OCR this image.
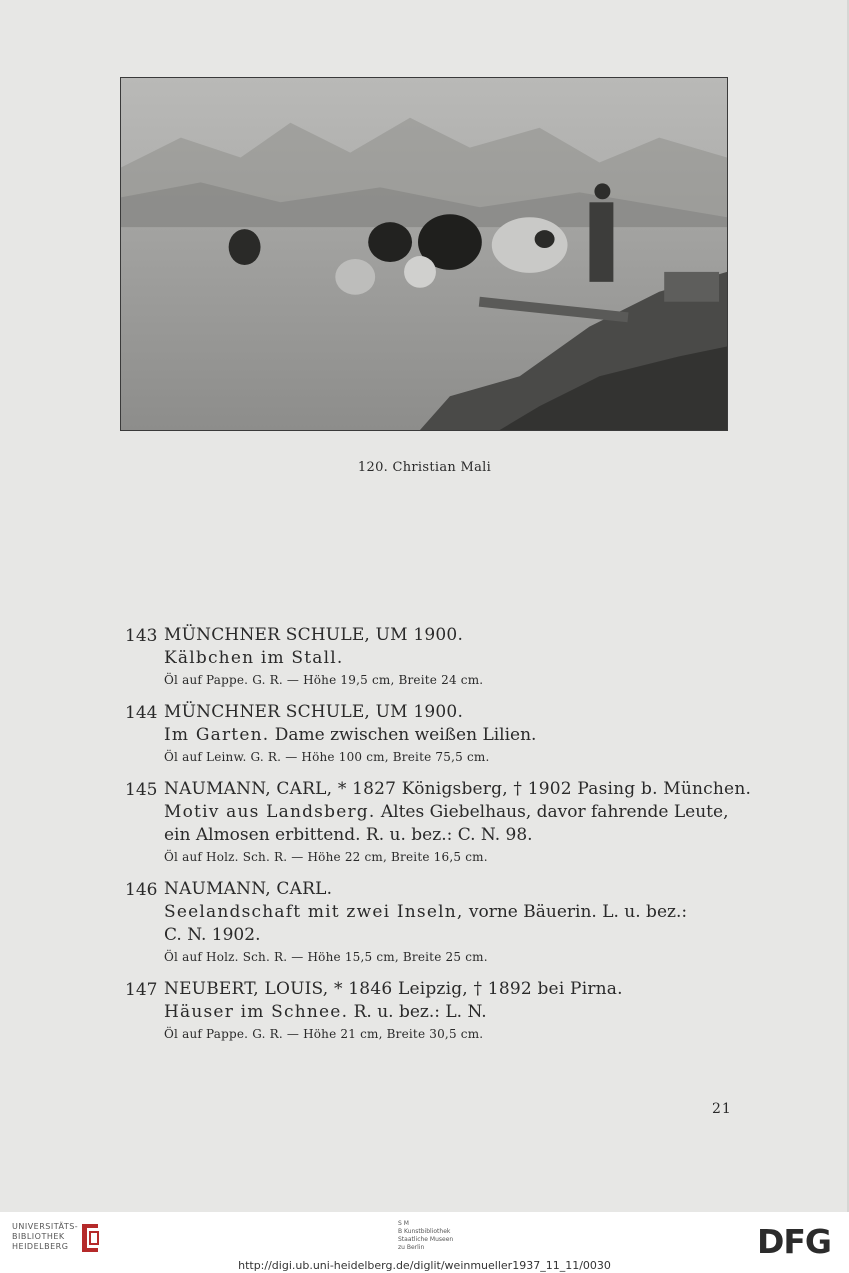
120. Christian Mali
143 MÜNCHNER SCHULE, UM 1900.
Kälbchen im Stall.
Öl auf Pappe. G. R. — Höhe 19,5 cm, Breite 24 cm.
144 MÜNCHNER SCHULE, UM 1900.
Im Garten. Dame zwischen weißen Lilien.
Öl auf Leinw. G. R. — Höhe 100 cm, Breite 75,5 cm.
145 NAUMANN, CARL, * 1827 Königsberg, † 1902 Pasing b. München.
Motiv aus Landsberg. Altes Giebelhaus, davor fahrende Leute,
ein Almosen erbittend. R. u. bez.: C. N. 98.
Öl auf Holz. Sch. R. — Höhe 22 cm, Breite 16,5 cm.
146 NAUMANN, CARL.
Seelandschaft mit zwei Inseln, vorne Bäuerin. L. u. bez.:
C. N. 1902.
Öl auf Holz. Sch. R. — Höhe 15,5 cm, Breite 25 cm.
147 NEUBERT, LOUIS, * 1846 Leipzig, † 1892 bei Pirna.
Häuser im Schnee. R. u. bez.: L. N.
Öl auf Pappe. G. R. — Höhe 21 cm, Breite 30,5 cm.
21
UNIVERSITÄTS-
BIBLIOTHEK
HEIDELBERG
S M
B Kunstbibliothek
Staatliche Museen
zu Berlin	DFG
http://digi.ub.uni-heidelberg.de/diglit/weinmueller1937_11_11/0030
